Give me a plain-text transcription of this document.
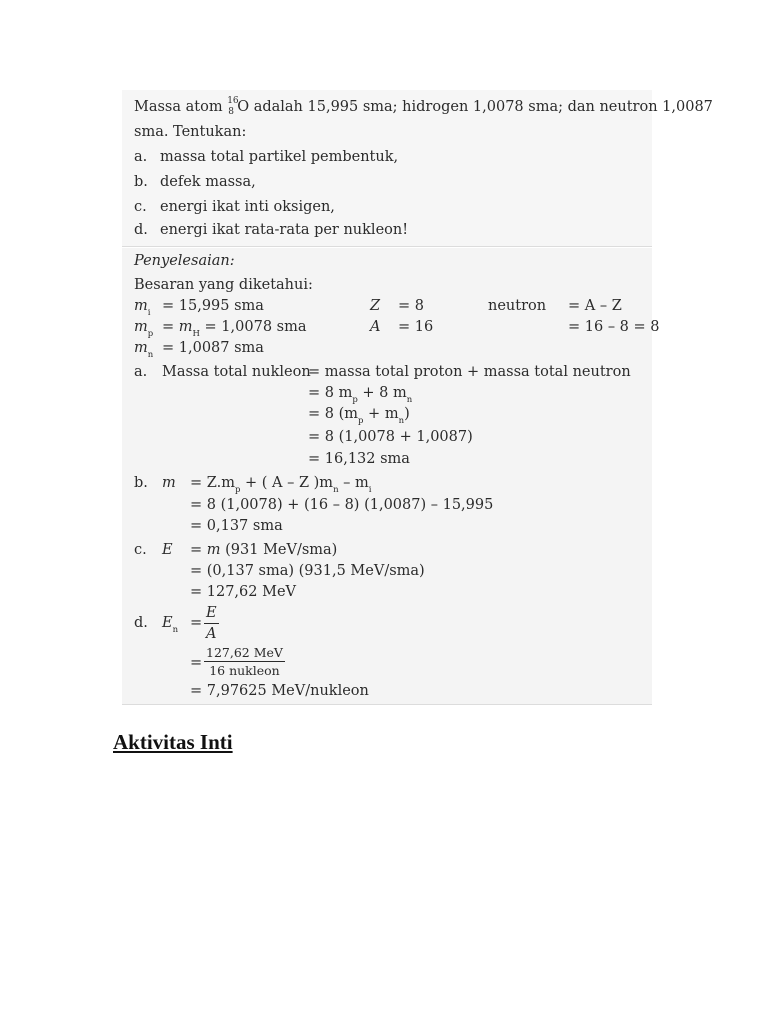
Massa atom 16
8 O adalah 15,995 sma; hidrogen 1,0078 sma; dan neutron 1,0087
sma. Tentukan:
a. massa total partikel pembentuk,
b. defek massa,
c. energi ikat inti oksigen,
d. energi ikat rata-rata per nukleon!
Penyelesaian:
Besaran yang diketahui:
$m_i = 15,995$ sma
$m_p = m_H = 1,0078$ sma
$m_n = 1,0087$ sma
Z = 8
A = 16
neutron = A – Z
= 16 – 8 = 8
a. Massa total nukleon
= massa total proton + massa total neutron
= 8 $m_p + 8$ $m_n$
= 8 $(m_p + m_n)$
= 8 (1,0078 + 1,0087)
= 16,132 sma
b. $m = Z.m_p$ + ( A – Z )$m_n - m_i$
= 8 (1,0078) + (16 – 8) (1,0087) – 15,995
= 0,137 sma
c. E = m (931 MeV/sma)
= (0,137 sma) (931,5 MeV/sma)
= 127,62 MeV
d. $E_n = \frac{E}{A}$
=
127,62 MeV
16 nukleon
= 7,97625 MeV/nukleon
Aktivitas Inti
